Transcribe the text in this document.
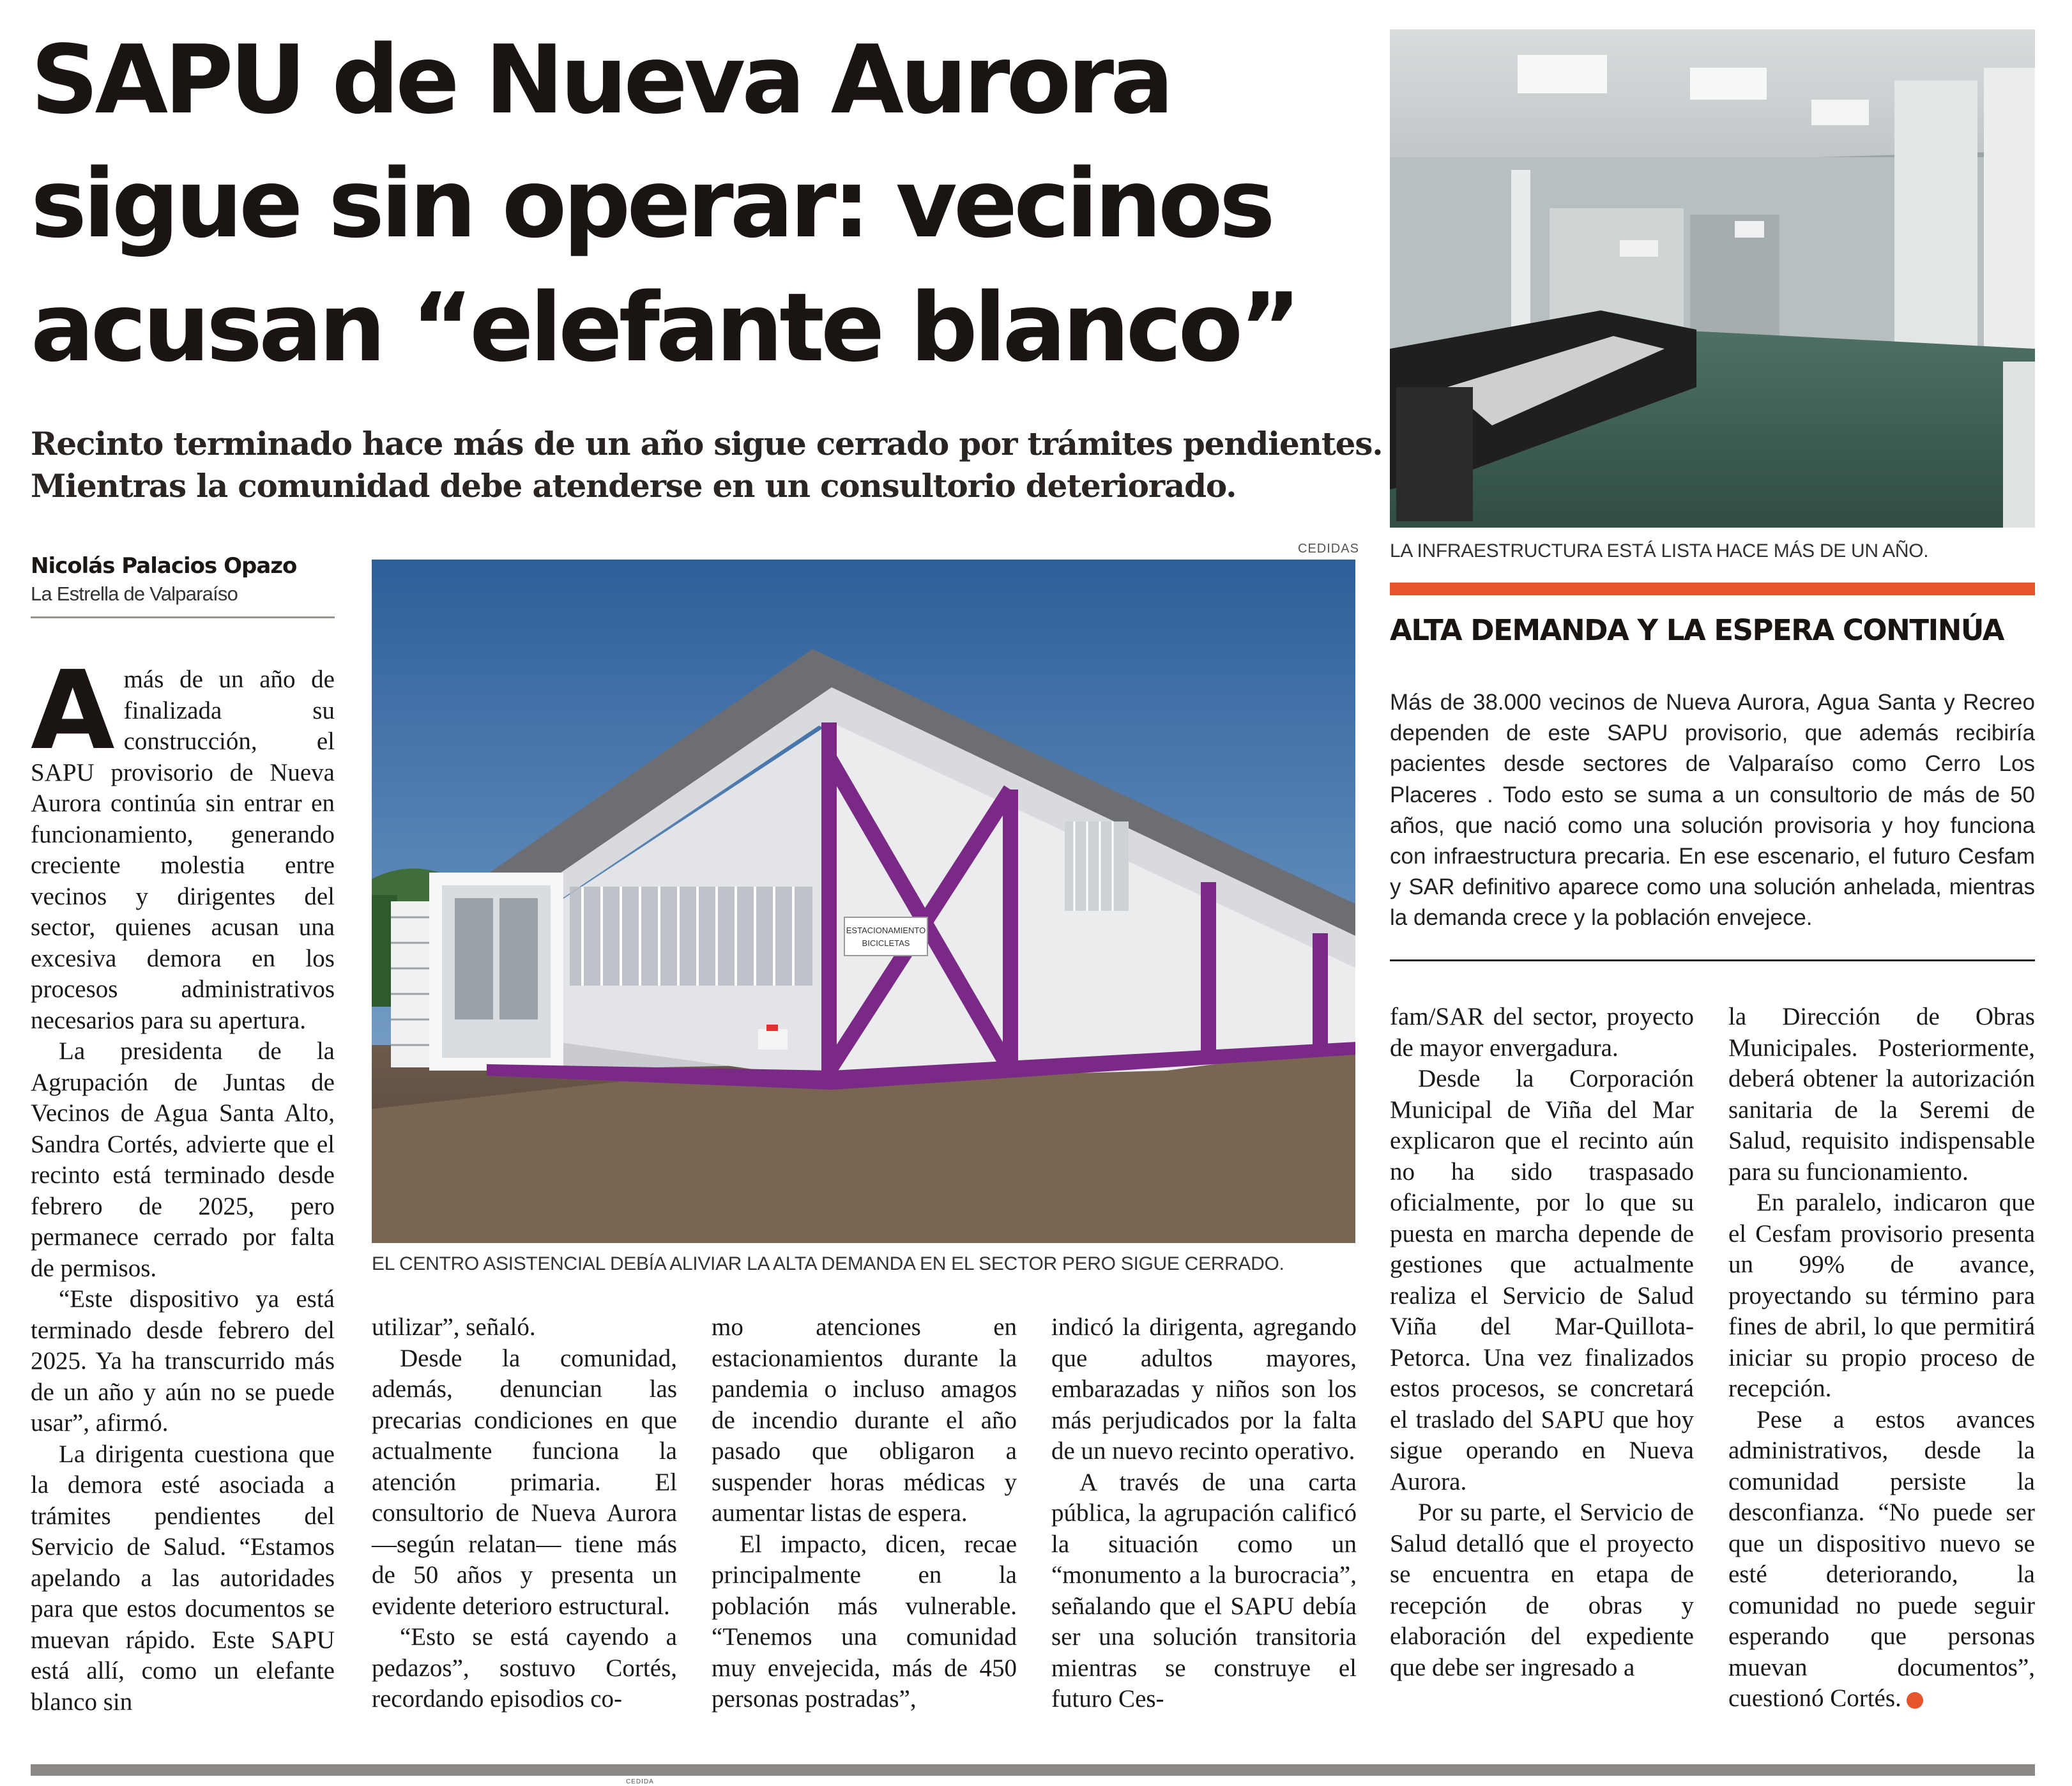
SAPU de Nueva Aurora
sigue sin operar: vecinos
acusan “elefante blanco”
Recinto terminado hace más de un año sigue cerrado por trámites pendientes.
Mientras la comunidad debe atenderse en un consultorio deteriorado.
Nicolás Palacios Opazo
La Estrella de Valparaíso
LA INFRAESTRUCTURA ESTÁ LISTA HACE MÁS DE UN AÑO.
ALTA DEMANDA Y LA ESPERA CONTINÚA
Más de 38.000 vecinos de Nueva Aurora, Agua Santa y Recreo dependen de este SAPU provisorio, que además recibiría pacientes desde sectores de Valparaíso como Cerro Los Placeres . Todo esto se suma a un consultorio de más de 50 años, que nació como una solución provisoria y hoy funciona con infraestructura precaria. En ese escenario, el futuro Cesfam y SAR definitivo aparece como una solución anhelada, mientras la demanda crece y la población envejece.
CEDIDAS
ESTACIONAMIENTO
BICICLETAS
EL CENTRO ASISTENCIAL DEBÍA ALIVIAR LA ALTA DEMANDA EN EL SECTOR PERO SIGUE CERRADO.

Amás de un año de finalizada su construcción, el SAPU provisorio de Nueva Aurora continúa sin entrar en funcionamiento, generando creciente molestia entre vecinos y dirigentes del sector, quienes acusan una excesiva demora en los procesos administrativos necesarios para su apertura.

La presidenta de la Agrupación de Juntas de Vecinos de Agua Santa Alto, Sandra Cortés, advierte que el recinto está terminado desde febrero de 2025, pero permanece cerrado por falta de permisos.

“Este dispositivo ya está terminado desde febrero del 2025. Ya ha transcurrido más de un año y aún no se puede usar”, afirmó.

La dirigenta cuestiona que la demora esté asociada a trámites pendientes del Servicio de Salud. “Estamos apelando a las autoridades para que estos documentos se muevan rápido. Este SAPU está allí, como un elefante blanco sin

utilizar”, señaló.

Desde la comunidad, además, denuncian las precarias condiciones en que actualmente funciona la atención primaria. El consultorio de Nueva Aurora —según relatan— tiene más de 50 años y presenta un evidente deterioro estructural.

“Esto se está cayendo a pedazos”, sostuvo Cortés, recordando episodios co-

mo atenciones en estacionamientos durante la pandemia o incluso amagos de incendio durante el año pasado que obligaron a suspender horas médicas y aumentar listas de espera.

El impacto, dicen, recae principalmente en la población más vulnerable. “Tenemos una comunidad muy envejecida, más de 450 personas postradas”,

indicó la dirigenta, agregando que adultos mayores, embarazadas y niños son los más perjudicados por la falta de un nuevo recinto operativo.

A través de una carta pública, la agrupación calificó la situación como un “monumento a la burocracia”, señalando que el SAPU debía ser una solución transitoria mientras se construye el futuro Ces-

fam/SAR del sector, proyecto de mayor envergadura.

Desde la Corporación Municipal de Viña del Mar explicaron que el recinto aún no ha sido traspasado oficialmente, por lo que su puesta en marcha depende de gestiones que actualmente realiza el Servicio de Salud Viña del Mar-Quillota-Petorca. Una vez finalizados estos procesos, se concretará el traslado del SAPU que hoy sigue operando en Nueva Aurora.

Por su parte, el Servicio de Salud detalló que el proyecto se encuentra en etapa de recepción de obras y elaboración del expediente que debe ser ingresado a

la Dirección de Obras Municipales. Posteriormente, deberá obtener la autorización sanitaria de la Seremi de Salud, requisito indispensable para su funcionamiento.

En paralelo, indicaron que el Cesfam provisorio presenta un 99% de avance, proyectando su término para fines de abril, lo que permitirá iniciar su propio proceso de recepción.

Pese a estos avances administrativos, desde la comunidad persiste la desconfianza. “No puede ser que un dispositivo nuevo se esté deteriorando, la comunidad no puede seguir esperando que personas muevan documentos”, cuestionó Cortés.	✪

CEDIDA
